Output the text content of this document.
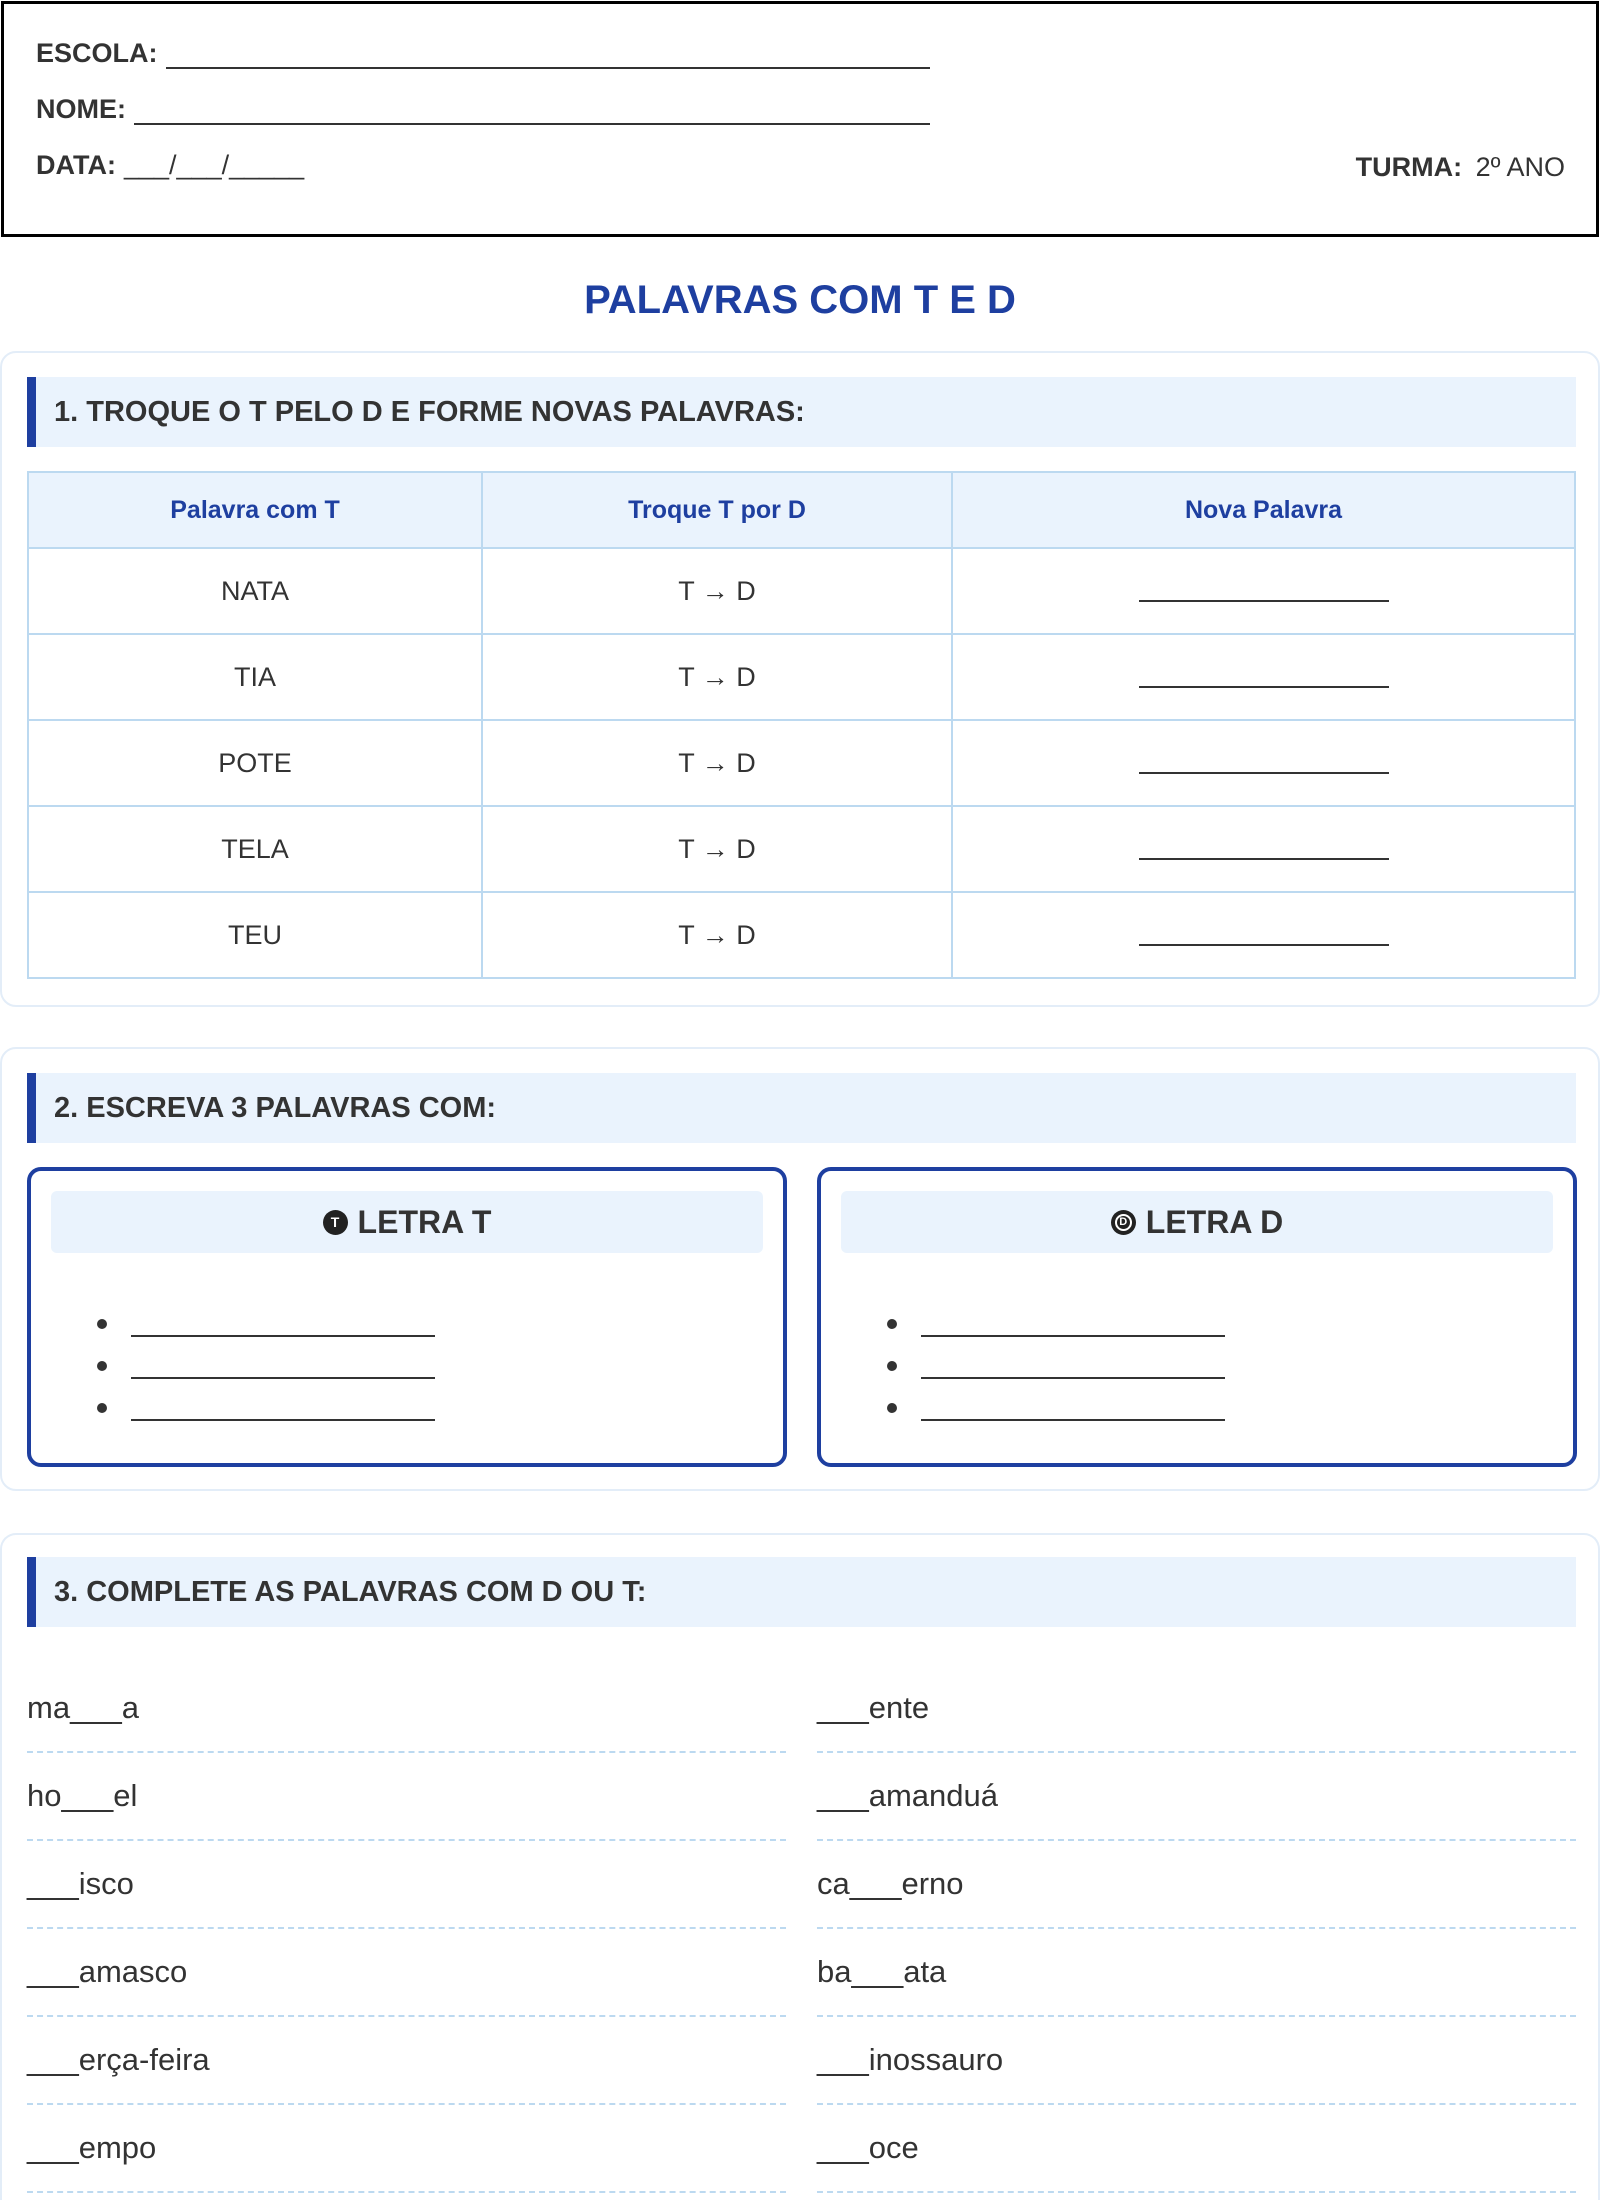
ESCOLA:
NOME:
DATA: ___/___/_____	TURMA: 2º ANO
PALAVRAS COM T E D
1. TROQUE O T PELO D E FORME NOVAS PALAVRAS:
Palavra com T	Troque T por D	Nova Palavra
NATA	T → D	
TIA	T → D	
POTE	T → D	
TELA	T → D	
TEU	T → D	
2. ESCREVA 3 PALAVRAS COM:
T LETRA T	D LETRA D
3. COMPLETE AS PALAVRAS COM D OU T:
ma___a
ho___el
___isco
___amasco
___erça-feira
___empo
___ente
___amanduá
ca___erno
ba___ata
___inossauro
___oce
